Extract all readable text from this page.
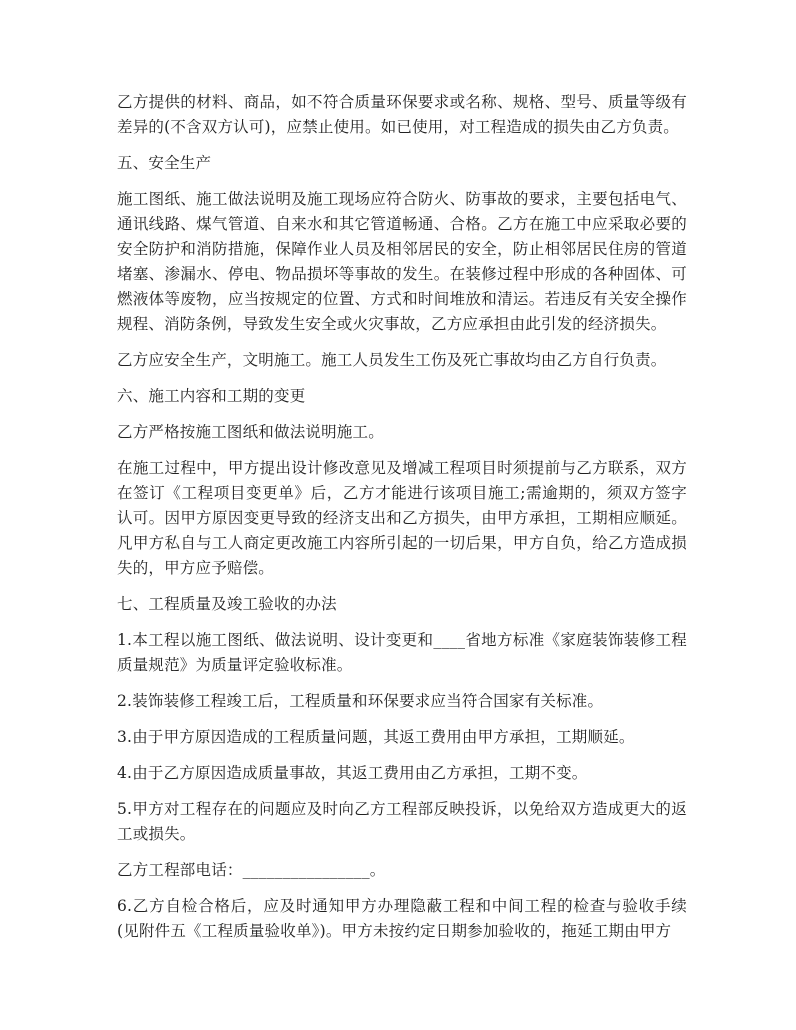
乙方提供的材料、商品，如不符合质量环保要求或名称、规格、型号、质量等级有差异的(不含双方认可)，应禁止使用。如已使用，对工程造成的损失由乙方负责。

五、安全生产

施工图纸、施工做法说明及施工现场应符合防火、防事故的要求，主要包括电气、通讯线路、煤气管道、自来水和其它管道畅通、合格。乙方在施工中应采取必要的安全防护和消防措施，保障作业人员及相邻居民的安全，防止相邻居民住房的管道堵塞、渗漏水、停电、物品损坏等事故的发生。在装修过程中形成的各种固体、可燃液体等废物，应当按规定的位置、方式和时间堆放和清运。若违反有关安全操作规程、消防条例，导致发生安全或火灾事故，乙方应承担由此引发的经济损失。

乙方应安全生产，文明施工。施工人员发生工伤及死亡事故均由乙方自行负责。

六、施工内容和工期的变更

乙方严格按施工图纸和做法说明施工。

在施工过程中，甲方提出设计修改意见及增减工程项目时须提前与乙方联系，双方在签订《工程项目变更单》后，乙方才能进行该项目施工;需逾期的，须双方签字认可。因甲方原因变更导致的经济支出和乙方损失，由甲方承担，工期相应顺延。凡甲方私自与工人商定更改施工内容所引起的一切后果，甲方自负，给乙方造成损失的，甲方应予赔偿。

七、工程质量及竣工验收的办法

1.本工程以施工图纸、做法说明、设计变更和____省地方标准《家庭装饰装修工程质量规范》为质量评定验收标准。

2.装饰装修工程竣工后，工程质量和环保要求应当符合国家有关标准。

3.由于甲方原因造成的工程质量问题，其返工费用由甲方承担，工期顺延。

4.由于乙方原因造成质量事故，其返工费用由乙方承担，工期不变。

5.甲方对工程存在的问题应及时向乙方工程部反映投诉，以免给双方造成更大的返工或损失。

乙方工程部电话：________________。

6.乙方自检合格后，应及时通知甲方办理隐蔽工程和中间工程的检查与验收手续(见附件五《工程质量验收单》)。甲方未按约定日期参加验收的，拖延工期由甲方
